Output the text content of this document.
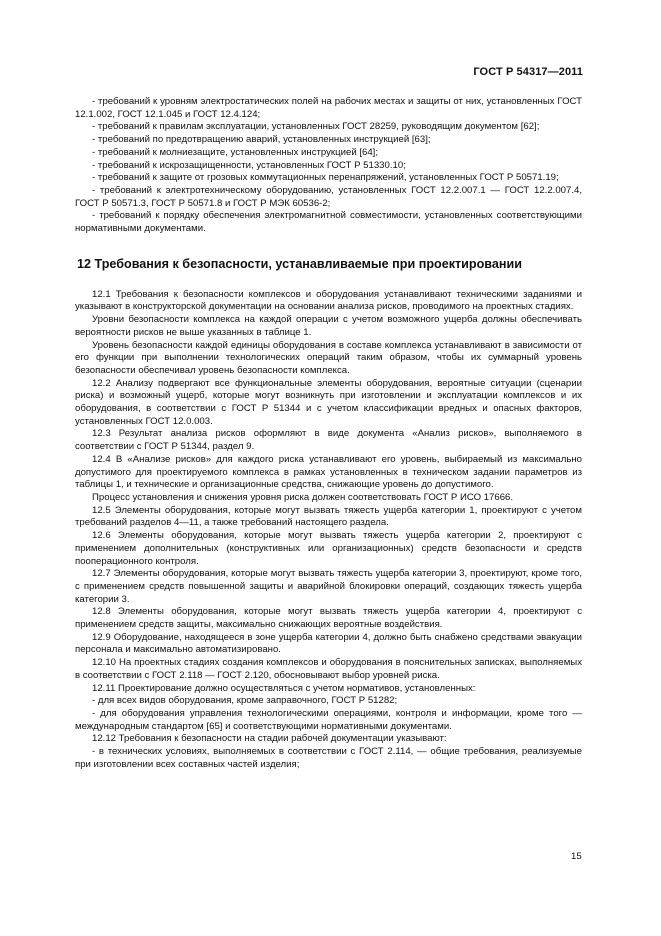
ГОСТ Р 54317—2011

- требований к уровням электростатических полей на рабочих местах и защиты от них, установленных ГОСТ 12.1.002, ГОСТ 12.1.045 и ГОСТ 12.4.124;

- требований к правилам эксплуатации, установленных ГОСТ 28259, руководящим документом [62];

- требований по предотвращению аварий, установленных инструкцией [63];

- требований к молниезащите, установленных инструкцией [64];

- требований к искрозащищенности, установленных ГОСТ Р 51330.10;

- требований к защите от грозовых коммутационных перенапряжений, установленных ГОСТ Р 50571.19;

- требований к электротехническому оборудованию, установленных ГОСТ 12.2.007.1 — ГОСТ 12.2.007.4, ГОСТ Р 50571.3, ГОСТ Р 50571.8 и ГОСТ Р МЭК 60536-2;

- требований к порядку обеспечения электромагнитной совместимости, установленных соответствующими нормативными документами.

12 Требования к безопасности, устанавливаемые при проектировании

12.1 Требования к безопасности комплексов и оборудования устанавливают техническими заданиями и указывают в конструкторской документации на основании анализа рисков, проводимого на проектных стадиях.

Уровни безопасности комплекса на каждой операции с учетом возможного ущерба должны обеспечивать вероятности рисков не выше указанных в таблице 1.

Уровень безопасности каждой единицы оборудования в составе комплекса устанавливают в зависимости от его функции при выполнении технологических операций таким образом, чтобы их суммарный уровень безопасности обеспечивал уровень безопасности комплекса.

12.2 Анализу подвергают все функциональные элементы оборудования, вероятные ситуации (сценарии риска) и возможный ущерб, которые могут возникнуть при изготовлении и эксплуатации комплексов и их оборудования, в соответствии с ГОСТ Р 51344 и с учетом классификации вредных и опасных факторов, установленных ГОСТ 12.0.003.

12.3 Результат анализа рисков оформляют в виде документа «Анализ рисков», выполняемого в соответствии с ГОСТ Р 51344, раздел 9.

12.4 В «Анализе рисков» для каждого риска устанавливают его уровень, выбираемый из максимально допустимого для проектируемого комплекса в рамках установленных в техническом задании параметров из таблицы 1, и технические и организационные средства, снижающие уровень до допустимого.

Процесс установления и снижения уровня риска должен соответствовать ГОСТ Р ИСО 17666.

12.5 Элементы оборудования, которые могут вызвать тяжесть ущерба категории 1, проектируют с учетом требований разделов 4—11, а также требований настоящего раздела.

12.6 Элементы оборудования, которые могут вызвать тяжесть ущерба категории 2, проектируют с применением дополнительных (конструктивных или организационных) средств безопасности и средств пооперационного контроля.

12.7 Элементы оборудования, которые могут вызвать тяжесть ущерба категории 3, проектируют, кроме того, с применением средств повышенной защиты и аварийной блокировки операций, создающих тяжесть ущерба категории 3.

12.8 Элементы оборудования, которые могут вызвать тяжесть ущерба категории 4, проектируют с применением средств защиты, максимально снижающих вероятные воздействия.

12.9 Оборудование, находящееся в зоне ущерба категории 4, должно быть снабжено средствами эвакуации персонала и максимально автоматизировано.

12.10 На проектных стадиях создания комплексов и оборудования в пояснительных записках, выполняемых в соответствии с ГОСТ 2.118 — ГОСТ 2.120, обосновывают выбор уровней риска.

12.11 Проектирование должно осуществляться с учетом нормативов, установленных:

- для всех видов оборудования, кроме заправочного, ГОСТ Р 51282;

- для оборудования управления технологическими операциями, контроля и информации, кроме того — международным стандартом [65] и соответствующими нормативными документами.

12.12 Требования к безопасности на стадии рабочей документации указывают:

- в технических условиях, выполняемых в соответствии с ГОСТ 2.114, — общие требования, реализуемые при изготовлении всех составных частей изделия;

15
